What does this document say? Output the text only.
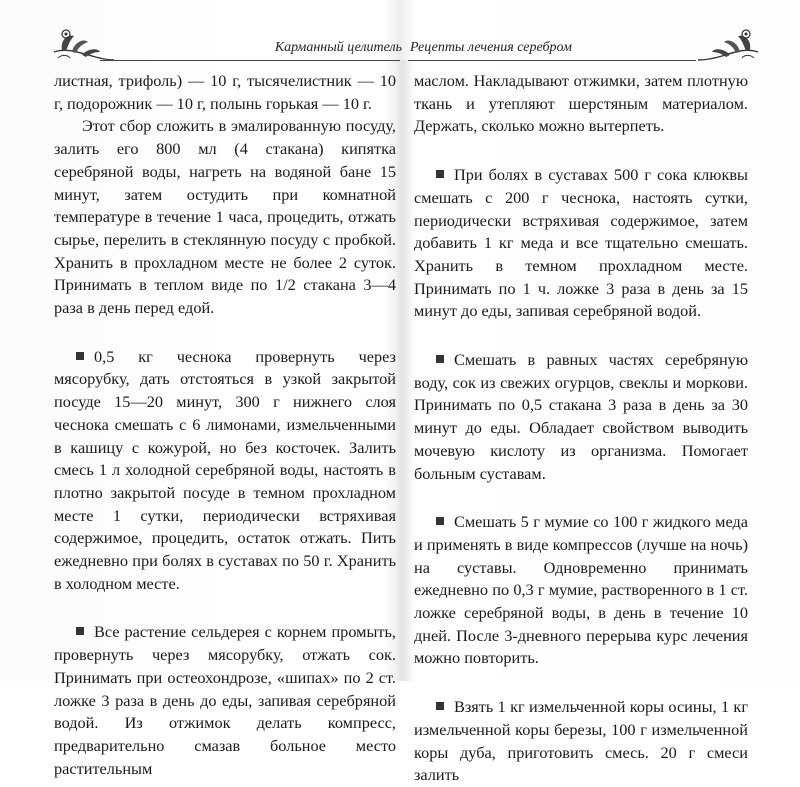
Карманный целитель Рецепты лечения серебром

листная, трифоль) — 10 г, тысячелистник — 10 г, подорожник — 10 г, полынь горькая — 10 г.

Этот сбор сложить в эмалированную посуду, залить его 800 мл (4 стакана) кипятка серебряной воды, нагреть на водяной бане 15 минут, затем остудить при комнатной температуре в течение 1 часа, процедить, отжать сырье, перелить в стеклянную посуду с пробкой. Хранить в прохладном месте не более 2 суток. Принимать в теплом виде по 1/2 стакана 3—4 раза в день перед едой.

0,5 кг чеснока провернуть через мясорубку, дать отстояться в узкой закрытой посуде 15—20 минут, 300 г нижнего слоя чеснока смешать с 6 лимонами, измельченными в кашицу с кожурой, но без косточек. Залить смесь 1 л холодной серебряной воды, настоять в плотно закрытой посуде в темном прохладном месте 1 сутки, периодически встряхивая содержимое, процедить, остаток отжать. Пить ежедневно при болях в суставах по 50 г. Хранить в холодном месте.

Все растение сельдерея с корнем промыть, провернуть через мясорубку, отжать сок. Принимать при остеохондрозе, «шипах» по 2 ст. ложке 3 раза в день до еды, запивая серебряной водой. Из отжимок делать компресс, предварительно смазав больное место растительным

маслом. Накладывают отжимки, затем плотную ткань и утепляют шерстяным материалом. Держать, сколько можно вытерпеть.

При болях в суставах 500 г сока клюквы смешать с 200 г чеснока, настоять сутки, периодически встряхивая содержимое, затем добавить 1 кг меда и все тщательно смешать. Хранить в темном прохладном месте. Принимать по 1 ч. ложке 3 раза в день за 15 минут до еды, запивая серебряной водой.

Смешать в равных частях серебряную воду, сок из свежих огурцов, свеклы и моркови. Принимать по 0,5 стакана 3 раза в день за 30 минут до еды. Обладает свойством выводить мочевую кислоту из организма. Помогает больным суставам.

Смешать 5 г мумие со 100 г жидкого меда и применять в виде компрессов (лучше на ночь) на суставы. Одновременно принимать ежедневно по 0,3 г мумие, растворенного в 1 ст. ложке серебряной воды, в день в течение 10 дней. После 3-дневного перерыва курс лечения можно повторить.

Взять 1 кг измельченной коры осины, 1 кг измельченной коры березы, 100 г измельченной коры дуба, приготовить смесь. 20 г смеси залить
